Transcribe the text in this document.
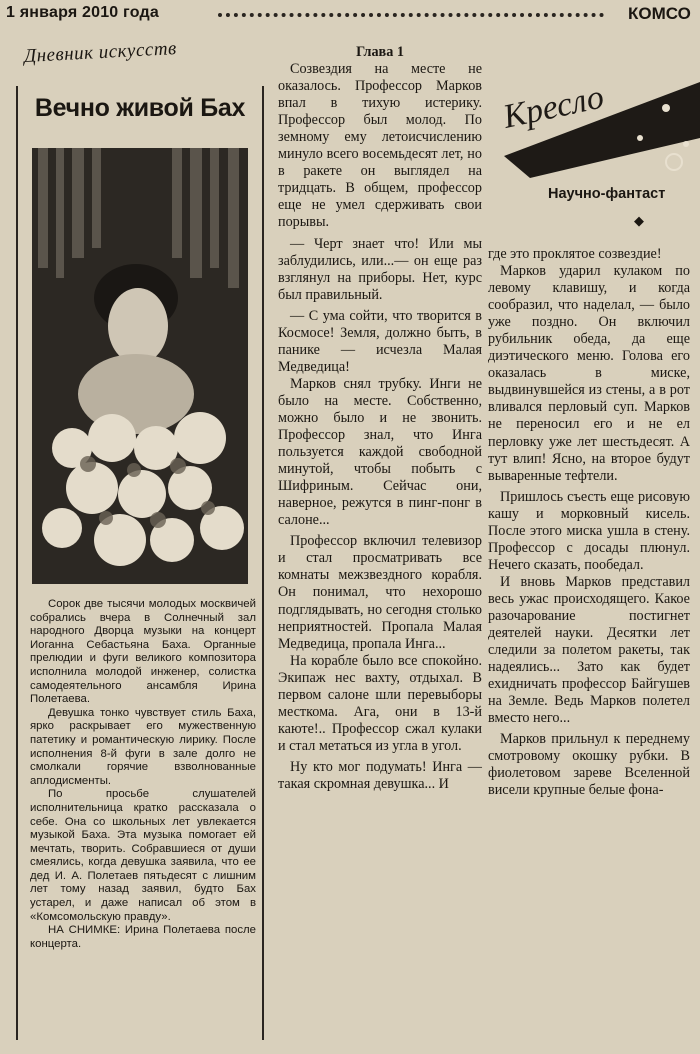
1 января 2010 года	КОМСО
Дневник искусств
Вечно живой Бах

Сорок две тысячи молодых москвичей собрались вчера в Солнечный зал народного Дворца музыки на концерт Иоганна Себастьяна Баха. Органные прелюдии и фуги великого композитора исполнила молодой инженер, солистка самодеятельного ансамбля Ирина Полетаева.

Девушка тонко чувствует стиль Баха, ярко раскрывает его мужественную патетику и романтическую лирику. После исполнения 8-й фуги в зале долго не смолкали горячие взволнованные аплодисменты.

По просьбе слушателей исполнительница кратко рассказала о себе. Она со школьных лет увлекается музыкой Баха. Эта музыка помогает ей мечтать, творить. Собравшиеся от души смеялись, когда девушка заявила, что ее дед И. А. Полетаев пятьдесят с лишним лет тому назад заявил, будто Бах устарел, и даже написал об этом в «Комсомольскую правду».

НА СНИМКЕ: Ирина Полетаева после концерта.

Глава 1

Созвездия на месте не оказалось. Профессор Марков впал в тихую истерику. Профессор был молод. По земному ему летоисчислению минуло всего восемьдесят лет, но в ракете он выглядел на тридцать. В общем, профессор еще не умел сдерживать свои порывы.

— Черт знает что! Или мы заблудились, или...— он еще раз взглянул на приборы. Нет, курс был правильный.

— С ума сойти, что творится в Космосе! Земля, должно быть, в панике — исчезла Малая Медведица!

Марков снял трубку. Инги не было на месте. Собственно, можно было и не звонить. Профессор знал, что Инга пользуется каждой свободной минутой, чтобы побыть с Шифриным. Сейчас они, наверное, режутся в пинг-понг в салоне...

Профессор включил телевизор и стал просматривать все комнаты межзвездного корабля. Он понимал, что нехорошо подглядывать, но сегодня столько неприятностей. Пропала Малая Медведица, пропала Инга...

На корабле было все спокойно. Экипаж нес вахту, отдыхал. В первом салоне шли перевыборы месткома. Ага, они в 13-й каюте!.. Профессор сжал кулаки и стал метаться из угла в угол.

Ну кто мог подумать! Инга — такая скромная девушка... И

Кресло
Научно-фантаст
◆

где это проклятое созвездие!

Марков ударил кулаком по левому клавишу, и когда сообразил, что наделал, — было уже поздно. Он включил рубильник обеда, да еще диэтического меню. Голова его оказалась в миске, выдвинувшейся из стены, а в рот вливался перловый суп. Марков не переносил его и не ел перловку уже лет шестьдесят. А тут влип! Ясно, на второе будут вываренные тефтели.

Пришлось съесть еще рисовую кашу и морковный кисель. После этого миска ушла в стену. Профессор с досады плюнул. Нечего сказать, пообедал.

И вновь Марков представил весь ужас происходящего. Какое разочарование постигнет деятелей науки. Десятки лет следили за полетом ракеты, так надеялись... Зато как будет ехидничать профессор Байгушев на Земле. Ведь Марков полетел вместо него...

Марков прильнул к переднему смотровому окошку рубки. В фиолетовом зареве Вселенной висели крупные белые фона-
